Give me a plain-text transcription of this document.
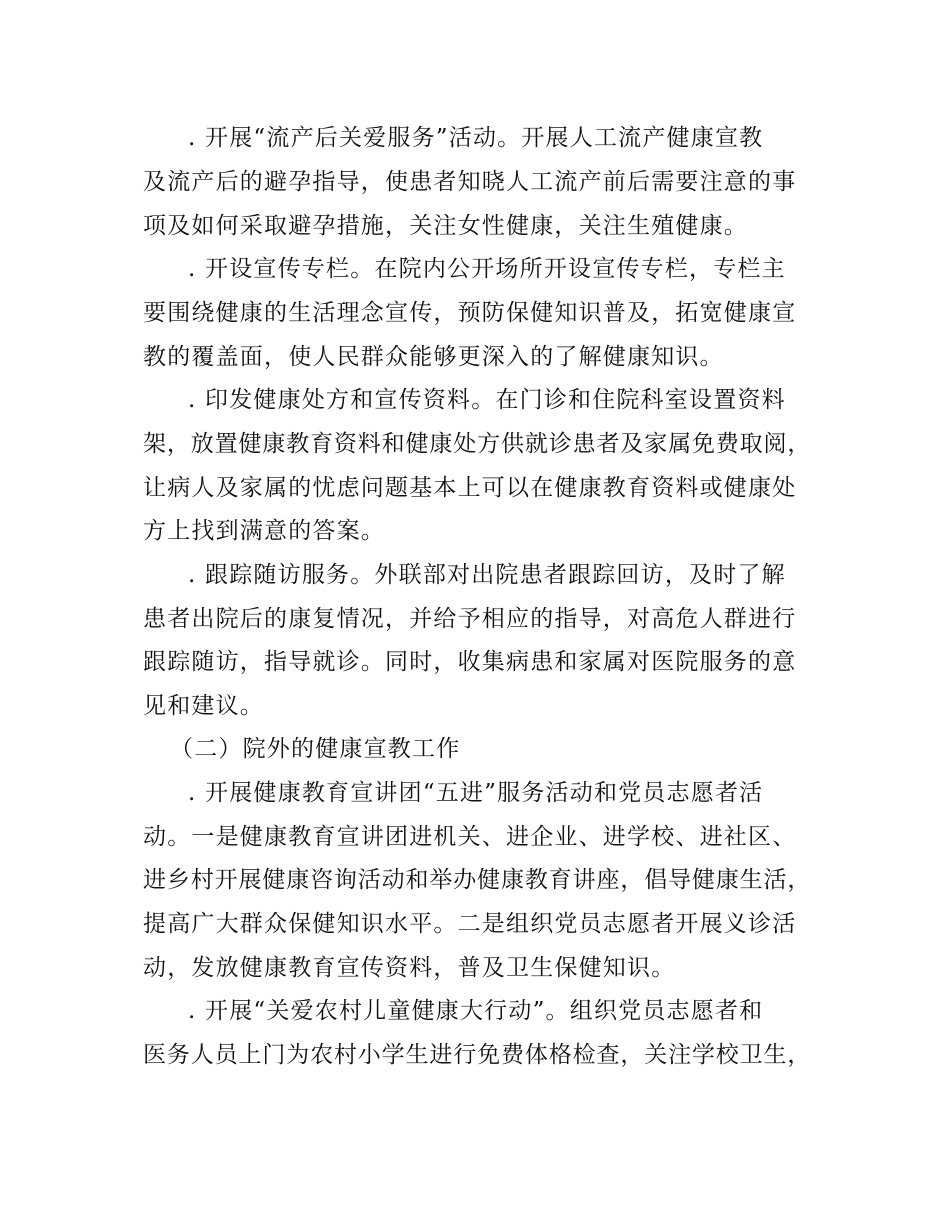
. 开展“流产后关爱服务”活动。开展人工流产健康宣教
及流产后的避孕指导，使患者知晓人工流产前后需要注意的事
项及如何采取避孕措施，关注女性健康，关注生殖健康。
. 开设宣传专栏。在院内公开场所开设宣传专栏，专栏主
要围绕健康的生活理念宣传，预防保健知识普及，拓宽健康宣
教的覆盖面，使人民群众能够更深入的了解健康知识。
. 印发健康处方和宣传资料。在门诊和住院科室设置资料
架，放置健康教育资料和健康处方供就诊患者及家属免费取阅，
让病人及家属的忧虑问题基本上可以在健康教育资料或健康处
方上找到满意的答案。
. 跟踪随访服务。外联部对出院患者跟踪回访，及时了解
患者出院后的康复情况，并给予相应的指导，对高危人群进行
跟踪随访，指导就诊。同时，收集病患和家属对医院服务的意
见和建议。
（二）院外的健康宣教工作
. 开展健康教育宣讲团“五进”服务活动和党员志愿者活
动。一是健康教育宣讲团进机关、进企业、进学校、进社区、
进乡村开展健康咨询活动和举办健康教育讲座，倡导健康生活，
提高广大群众保健知识水平。二是组织党员志愿者开展义诊活
动，发放健康教育宣传资料，普及卫生保健知识。
. 开展“关爱农村儿童健康大行动”。组织党员志愿者和
医务人员上门为农村小学生进行免费体格检查，关注学校卫生，
